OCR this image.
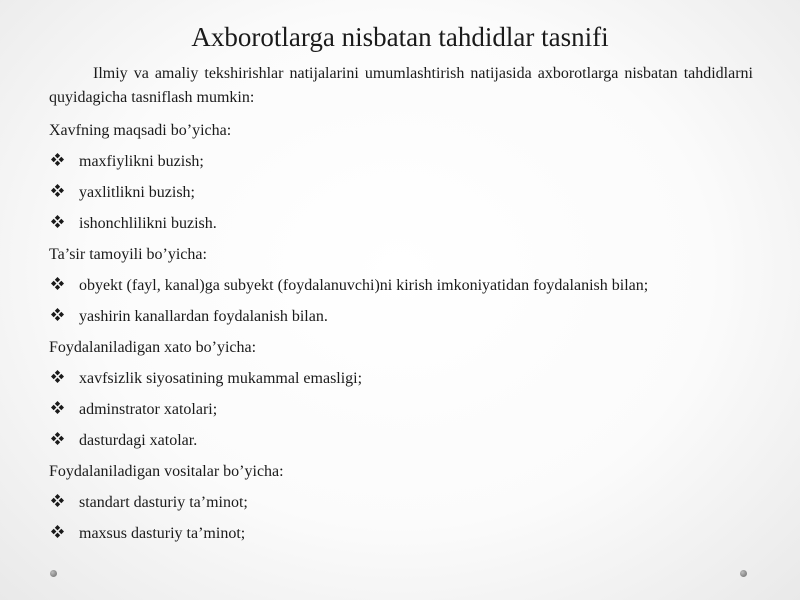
Axborotlarga nisbatan tahdidlar tasnifi

Ilmiy va amaliy tekshirishlar natijalarini umumlashtirish natijasida axborotlarga nisbatan tahdidlarni quyidagicha tasniflash mumkin:

Xavfning maqsadi bo’yicha:

maxfiylikni buzish;
yaxlitlikni buzish;
ishonchlilikni buzish.

Ta’sir tamoyili bo’yicha:

obyekt (fayl, kanal)ga subyekt (foydalanuvchi)ni kirish imkoniyatidan foydalanish bilan;
yashirin kanallardan foydalanish bilan.

Foydalaniladigan xato bo’yicha:

xavfsizlik siyosatining mukammal emasligi;
adminstrator xatolari;
dasturdagi xatolar.

Foydalaniladigan vositalar bo’yicha:

standart dasturiy ta’minot;
maxsus dasturiy ta’minot;
